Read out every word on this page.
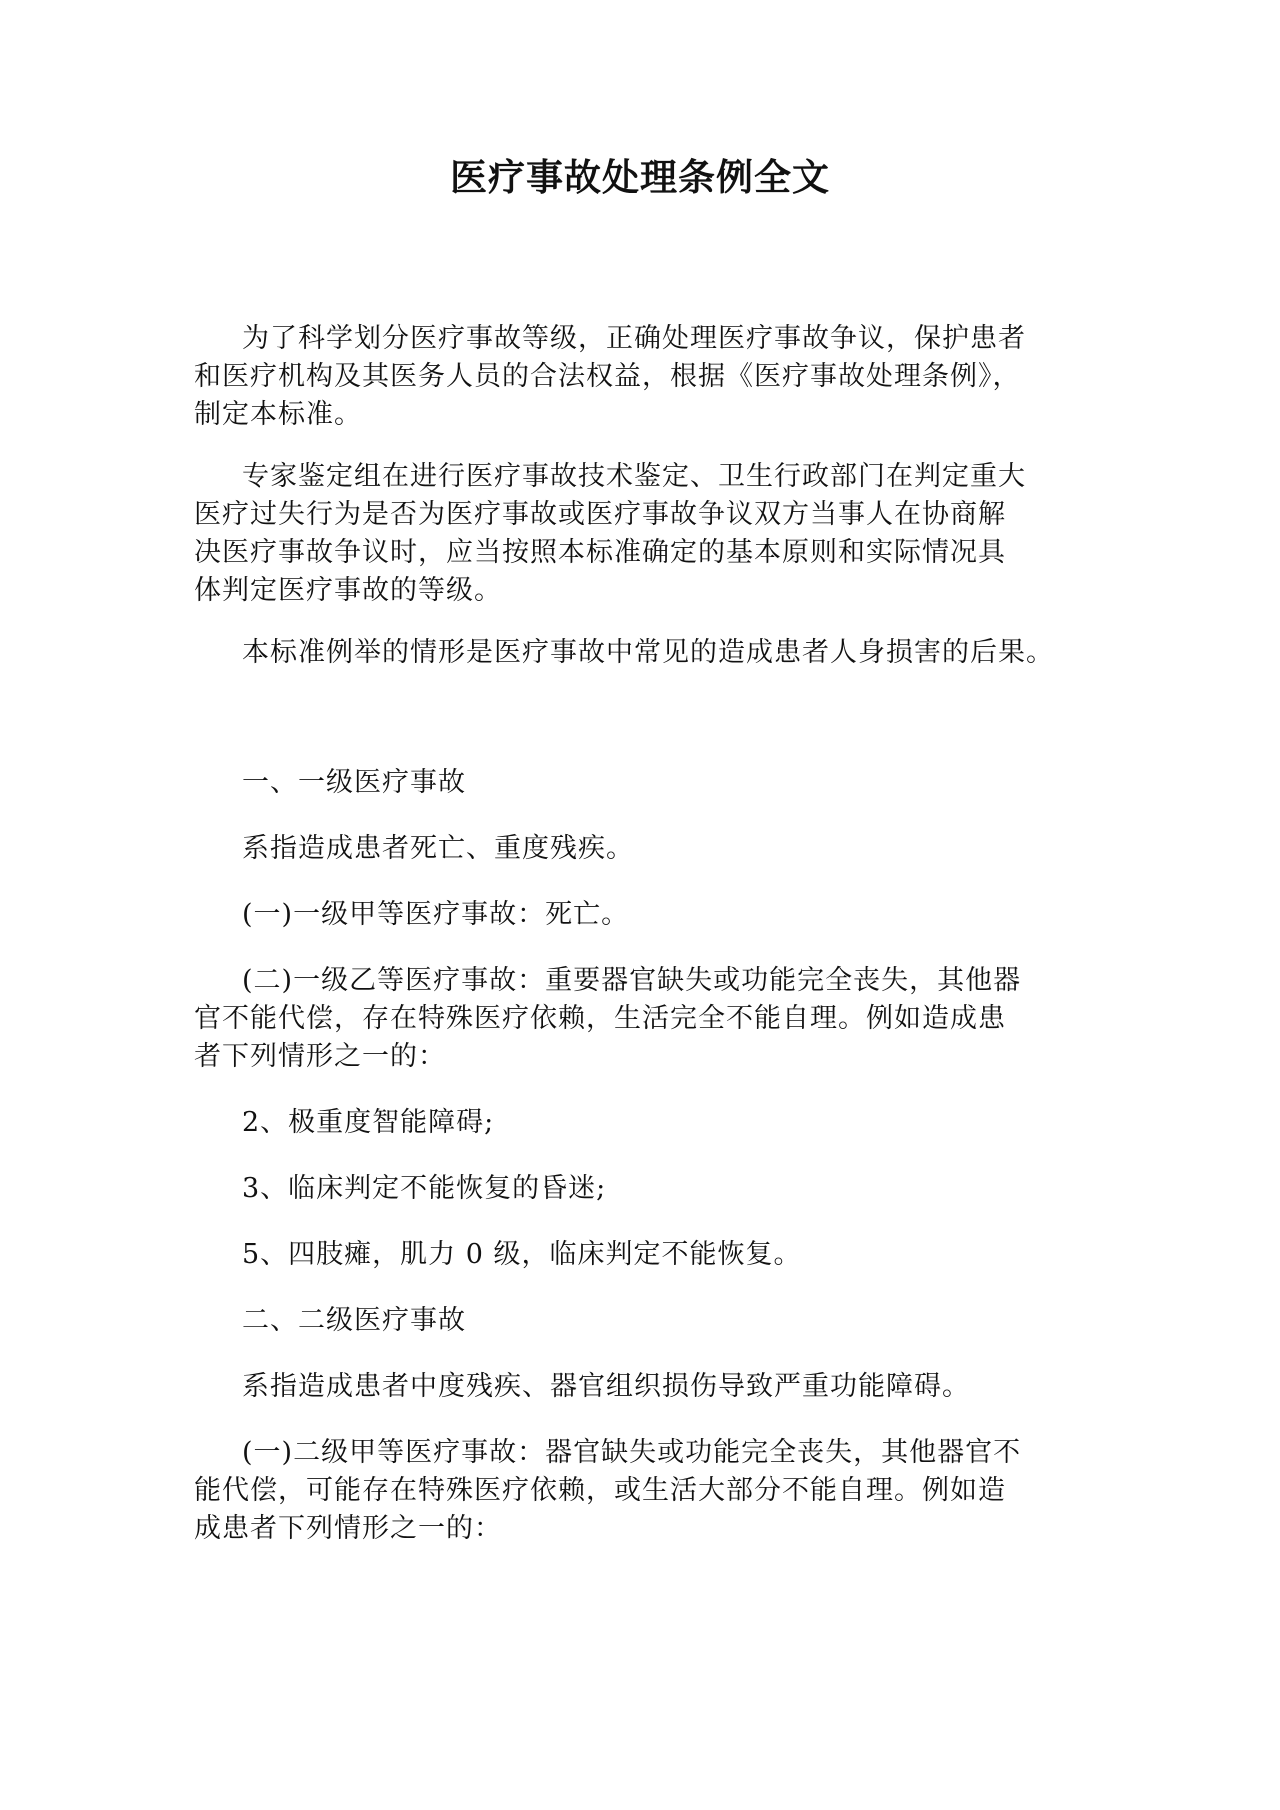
医疗事故处理条例全文

为了科学划分医疗事故等级，正确处理医疗事故争议，保护患者
和医疗机构及其医务人员的合法权益，根据《医疗事故处理条例》，
制定本标准。

专家鉴定组在进行医疗事故技术鉴定、卫生行政部门在判定重大
医疗过失行为是否为医疗事故或医疗事故争议双方当事人在协商解
决医疗事故争议时，应当按照本标准确定的基本原则和实际情况具
体判定医疗事故的等级。

本标准例举的情形是医疗事故中常见的造成患者人身损害的后果。

一、一级医疗事故

系指造成患者死亡、重度残疾。

(一)一级甲等医疗事故：死亡。

(二)一级乙等医疗事故：重要器官缺失或功能完全丧失，其他器
官不能代偿，存在特殊医疗依赖，生活完全不能自理。例如造成患
者下列情形之一的：

2、极重度智能障碍;

3、临床判定不能恢复的昏迷;

5、四肢瘫，肌力 0 级，临床判定不能恢复。

二、二级医疗事故

系指造成患者中度残疾、器官组织损伤导致严重功能障碍。

(一)二级甲等医疗事故：器官缺失或功能完全丧失，其他器官不
能代偿，可能存在特殊医疗依赖，或生活大部分不能自理。例如造
成患者下列情形之一的：
